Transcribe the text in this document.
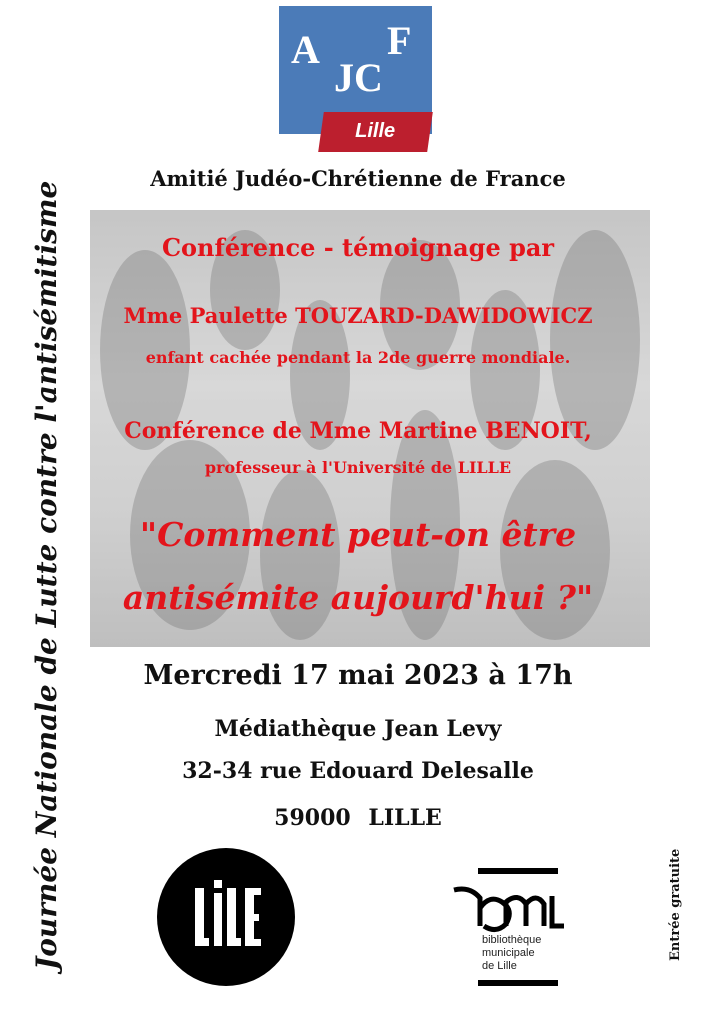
A
JC
F
Lille
Amitié Judéo-Chrétienne de France
Conférence - témoignage par
Mme Paulette TOUZARD-DAWIDOWICZ
enfant cachée pendant la 2de guerre mondiale.
Conférence de Mme Martine BENOIT,
professeur à l'Université de LILLE
"Comment peut-on être
antisémite aujourd'hui ?"
Mercredi 17 mai 2023 à 17h
Médiathèque Jean Levy
32-34 rue Edouard Delesalle
59000 LILLE
Journée Nationale de Lutte contre l'antisémitisme	Entrée gratuite
bibliothèque
municipale
de Lille
